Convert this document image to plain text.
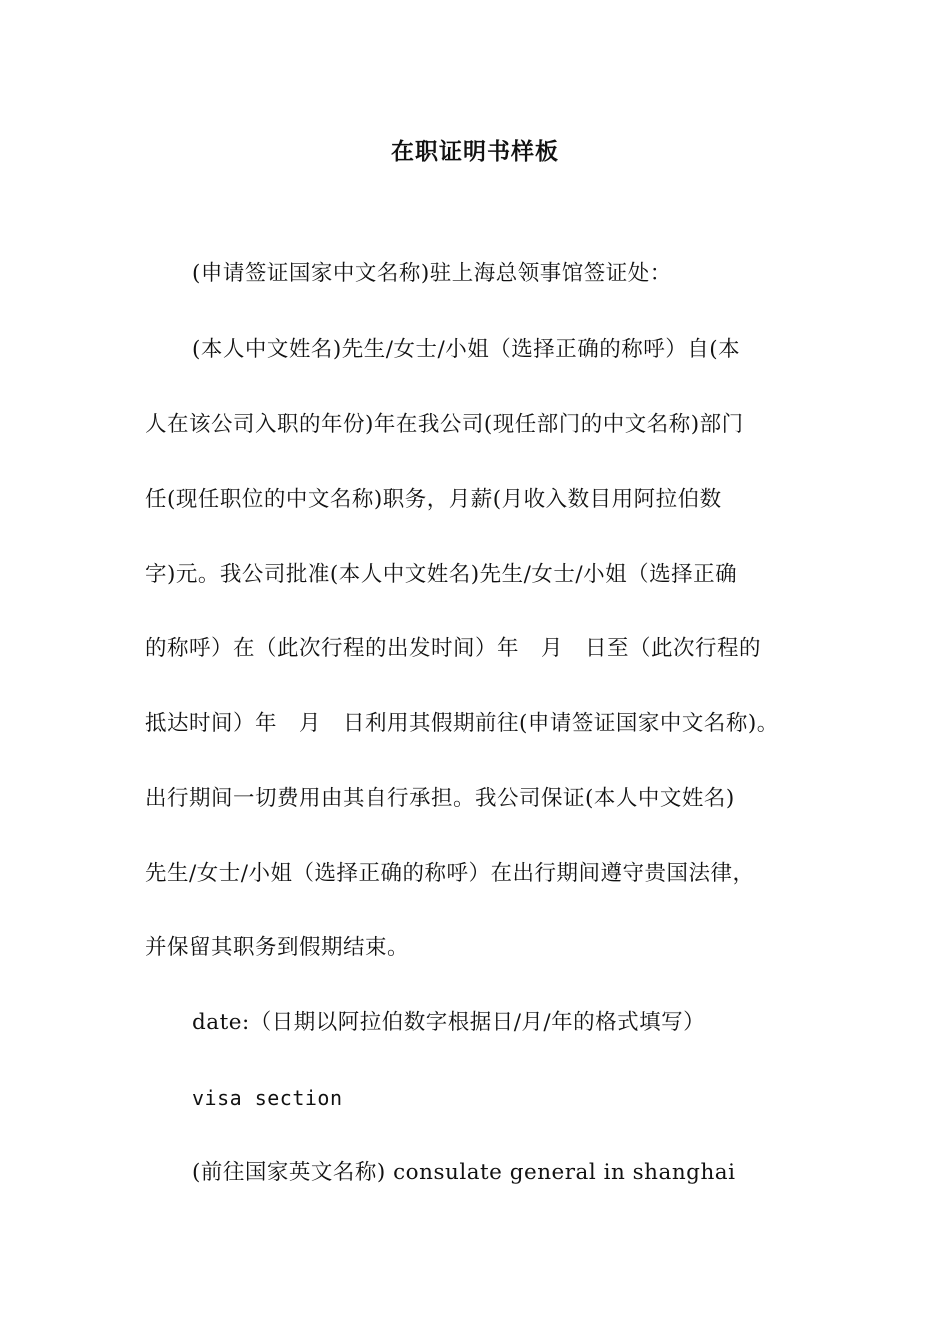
在职证明书样板
(申请签证国家中文名称)驻上海总领事馆签证处：
(本人中文姓名)先生/女士/小姐（选择正确的称呼）自(本
人在该公司入职的年份)年在我公司(现任部门的中文名称)部门
任(现任职位的中文名称)职务，月薪(月收入数目用阿拉伯数
字)元。我公司批准(本人中文姓名)先生/女士/小姐（选择正确
的称呼）在（此次行程的出发时间）年　月　日至（此次行程的
抵达时间）年　月　日利用其假期前往(申请签证国家中文名称)。
出行期间一切费用由其自行承担。我公司保证(本人中文姓名)
先生/女士/小姐（选择正确的称呼）在出行期间遵守贵国法律，
并保留其职务到假期结束。
date:（日期以阿拉伯数字根据日/月/年的格式填写）
visa section
(前往国家英文名称) consulate general in shanghai
